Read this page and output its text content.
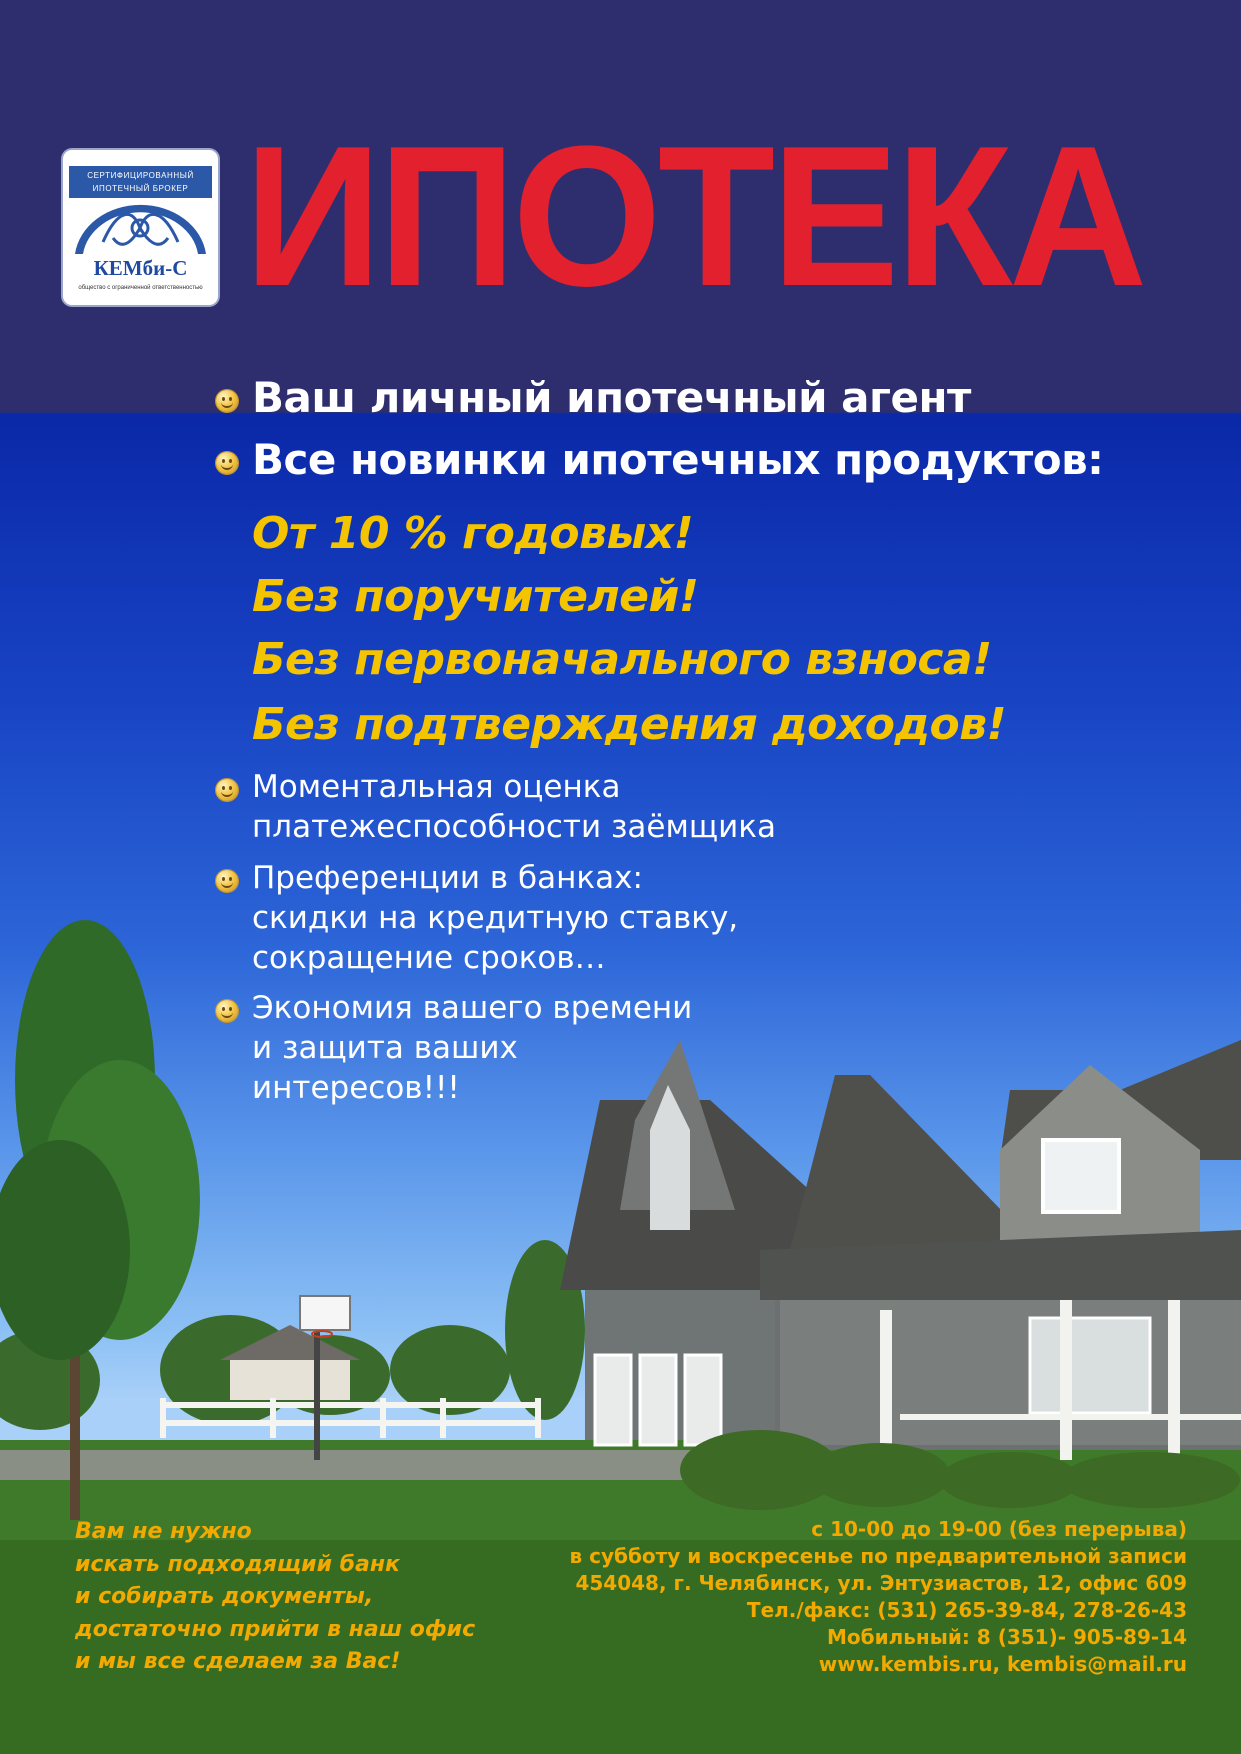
СЕРТИФИЦИРОВАННЫЙ
ИПОТЕЧНЫЙ БРОКЕР
КЕМби-С
общество с ограниченной ответственностью ИПОТЕКА
Ваш личный ипотечный агент
Все новинки ипотечных продуктов:
От 10 % годовых!
Без поручителей!
Без первоначального взноса!
Без подтверждения доходов!
Моментальная оценка
платежеспособности заёмщика
Преференции в банках:
скидки на кредитную ставку,
сокращение сроков…
Экономия вашего времени
и защита ваших
интересов!!!
Вам не нужно
искать подходящий банк
и собирать документы,
достаточно прийти в наш офис
и мы все сделаем за Вас!
с 10-00 до 19-00 (без перерыва)
в субботу и воскресенье по предварительной записи
454048, г. Челябинск, ул. Энтузиастов, 12, офис 609
Тел./факс: (531) 265-39-84, 278-26-43
Мобильный: 8 (351)- 905-89-14
www.kembis.ru, kembis@mail.ru
